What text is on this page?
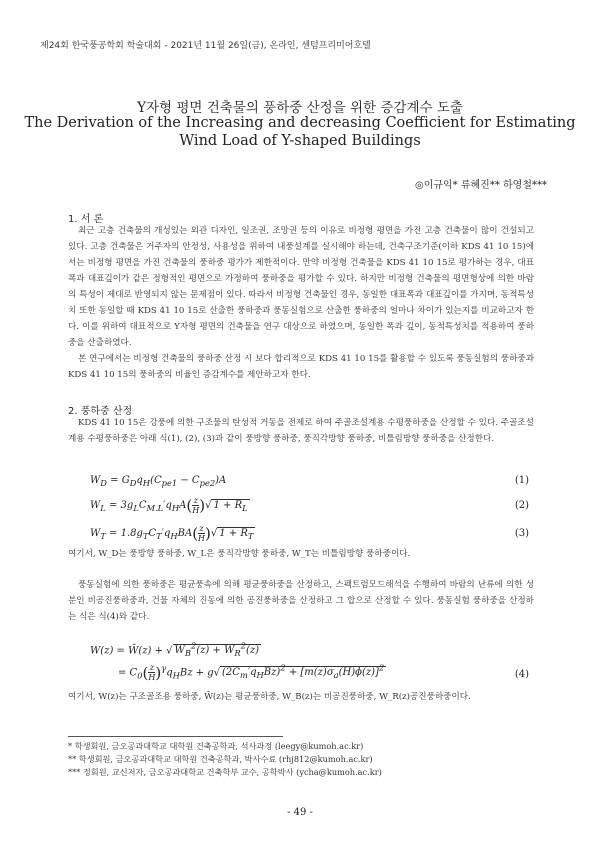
제24회 한국풍공학회 학술대회 - 2021년 11월 26일(금), 온라인, 센텀프리미어호텔
Y자형 평면 건축물의 풍하중 산정을 위한 증감계수 도출
The Derivation of the Increasing and decreasing Coefficient for Estimating
Wind Load of Y-shaped Buildings
◎이규익* 류혜진** 하영철***
1. 서 론
최근 고층 건축물의 개성있는 외관 디자인, 일조권, 조망권 등의 이유로 비정형 평면을 가진 고층 건축물이 많이 건설되고 있다. 고층 건축물은 거주자의 안정성, 사용성을 위하여 내풍설계를 실시해야 하는데, 건축구조기준(이하 KDS 41 10 15)에서는 비정형 평면을 가진 건축물의 풍하중 평가가 제한적이다. 만약 비정형 건축물을 KDS 41 10 15로 평가하는 경우, 대표폭과 대표깊이가 같은 정형적인 평면으로 가정하여 풍하중을 평가할 수 있다. 하지만 비정형 건축물의 평면형상에 의한 바람의 특성이 제대로 반영되지 않는 문제점이 있다. 따라서 비정형 건축물인 경우, 동일한 대표폭과 대표깊이를 가지며, 동적특성치 또한 동일할 때 KDS 41 10 15로 산출한 풍하중과 풍동실험으로 산출한 풍하중의 얼마나 차이가 있는지를 비교하고자 한다. 이를 위하여 대표적으로 Y자형 평면의 건축물을 연구 대상으로 하였으며, 동일한 폭과 깊이, 동적특성치를 적용하여 풍하중을 산출하였다.
본 연구에서는 비정형 건축물의 풍하중 산정 시 보다 합리적으로 KDS 41 10 15를 활용할 수 있도록 풍동실험의 풍하중과 KDS 41 10 15의 풍하중의 비율인 증감계수를 제안하고자 한다.
2. 풍하중 산정
KDS 41 10 15은 강풍에 의한 구조물의 탄성적 거동을 전제로 하여 주골조설계용 수평풍하중을 산정할 수 있다. 주골조설계용 수평풍하중은 아래 식(1), (2), (3)과 같이 풍방향 풍하중, 풍직각방향 풍하중, 비틀림방향 풍하중을 산정한다.
$W_D = G_Dq_H(C_{pe1} - C_{pe2})A$	(1)
$W_L = 3g_LC_{M.L}'q_HA( \frac{z}{H})√$ $1 + R_L$	(2)
$W_T = 1.8g_TC_T'q_HBA( \frac{z}{H})√$ $1 + R_T$	(3)
여기서, W_D는 풍방향 풍하중, W_L은 풍직각방향 풍하중, W_T는 비틀림방향 풍하중이다.
풍동실험에 의한 풍하중은 평균풍속에 의해 평균풍하중을 산정하고, 스펙트럼모드해석을 수행하여 바람의 난류에 의한 성분인 비공진풍하중과, 건물 자체의 진동에 의한 공진풍하중을 산정하고 그 합으로 산정할 수 있다. 풍동실험 풍하중을 산정하는 식은 식(4)와 같다.
W(z) = W̄(z) + √ $W_B^2(z) + W_R^2(z)$
= $C_0( \frac{z}{H})^\gamma q_HBz + g√$ $(2C_m'q_HBz)^2 + [m(z)\sigma_a(H)\phi(z)]^2$
(4)
여기서, W(z)는 구조골조용 풍하중, W̄(z)는 평균풍하중, W_B(z)는 비공진풍하중, W_R(z)공진풍하중이다.
* 학생회원, 금오공과대학교 대학원 건축공학과, 석사과정 (leegy@kumoh.ac.kr)
** 학생회원, 금오공과대학교 대학원 건축공학과, 박사수료 (rhj812@kumoh.ac.kr)
*** 정회원, 교신저자, 금오공과대학교 건축학부 교수, 공학박사 (ycha@kumoh.ac.kr)
- 49 -
